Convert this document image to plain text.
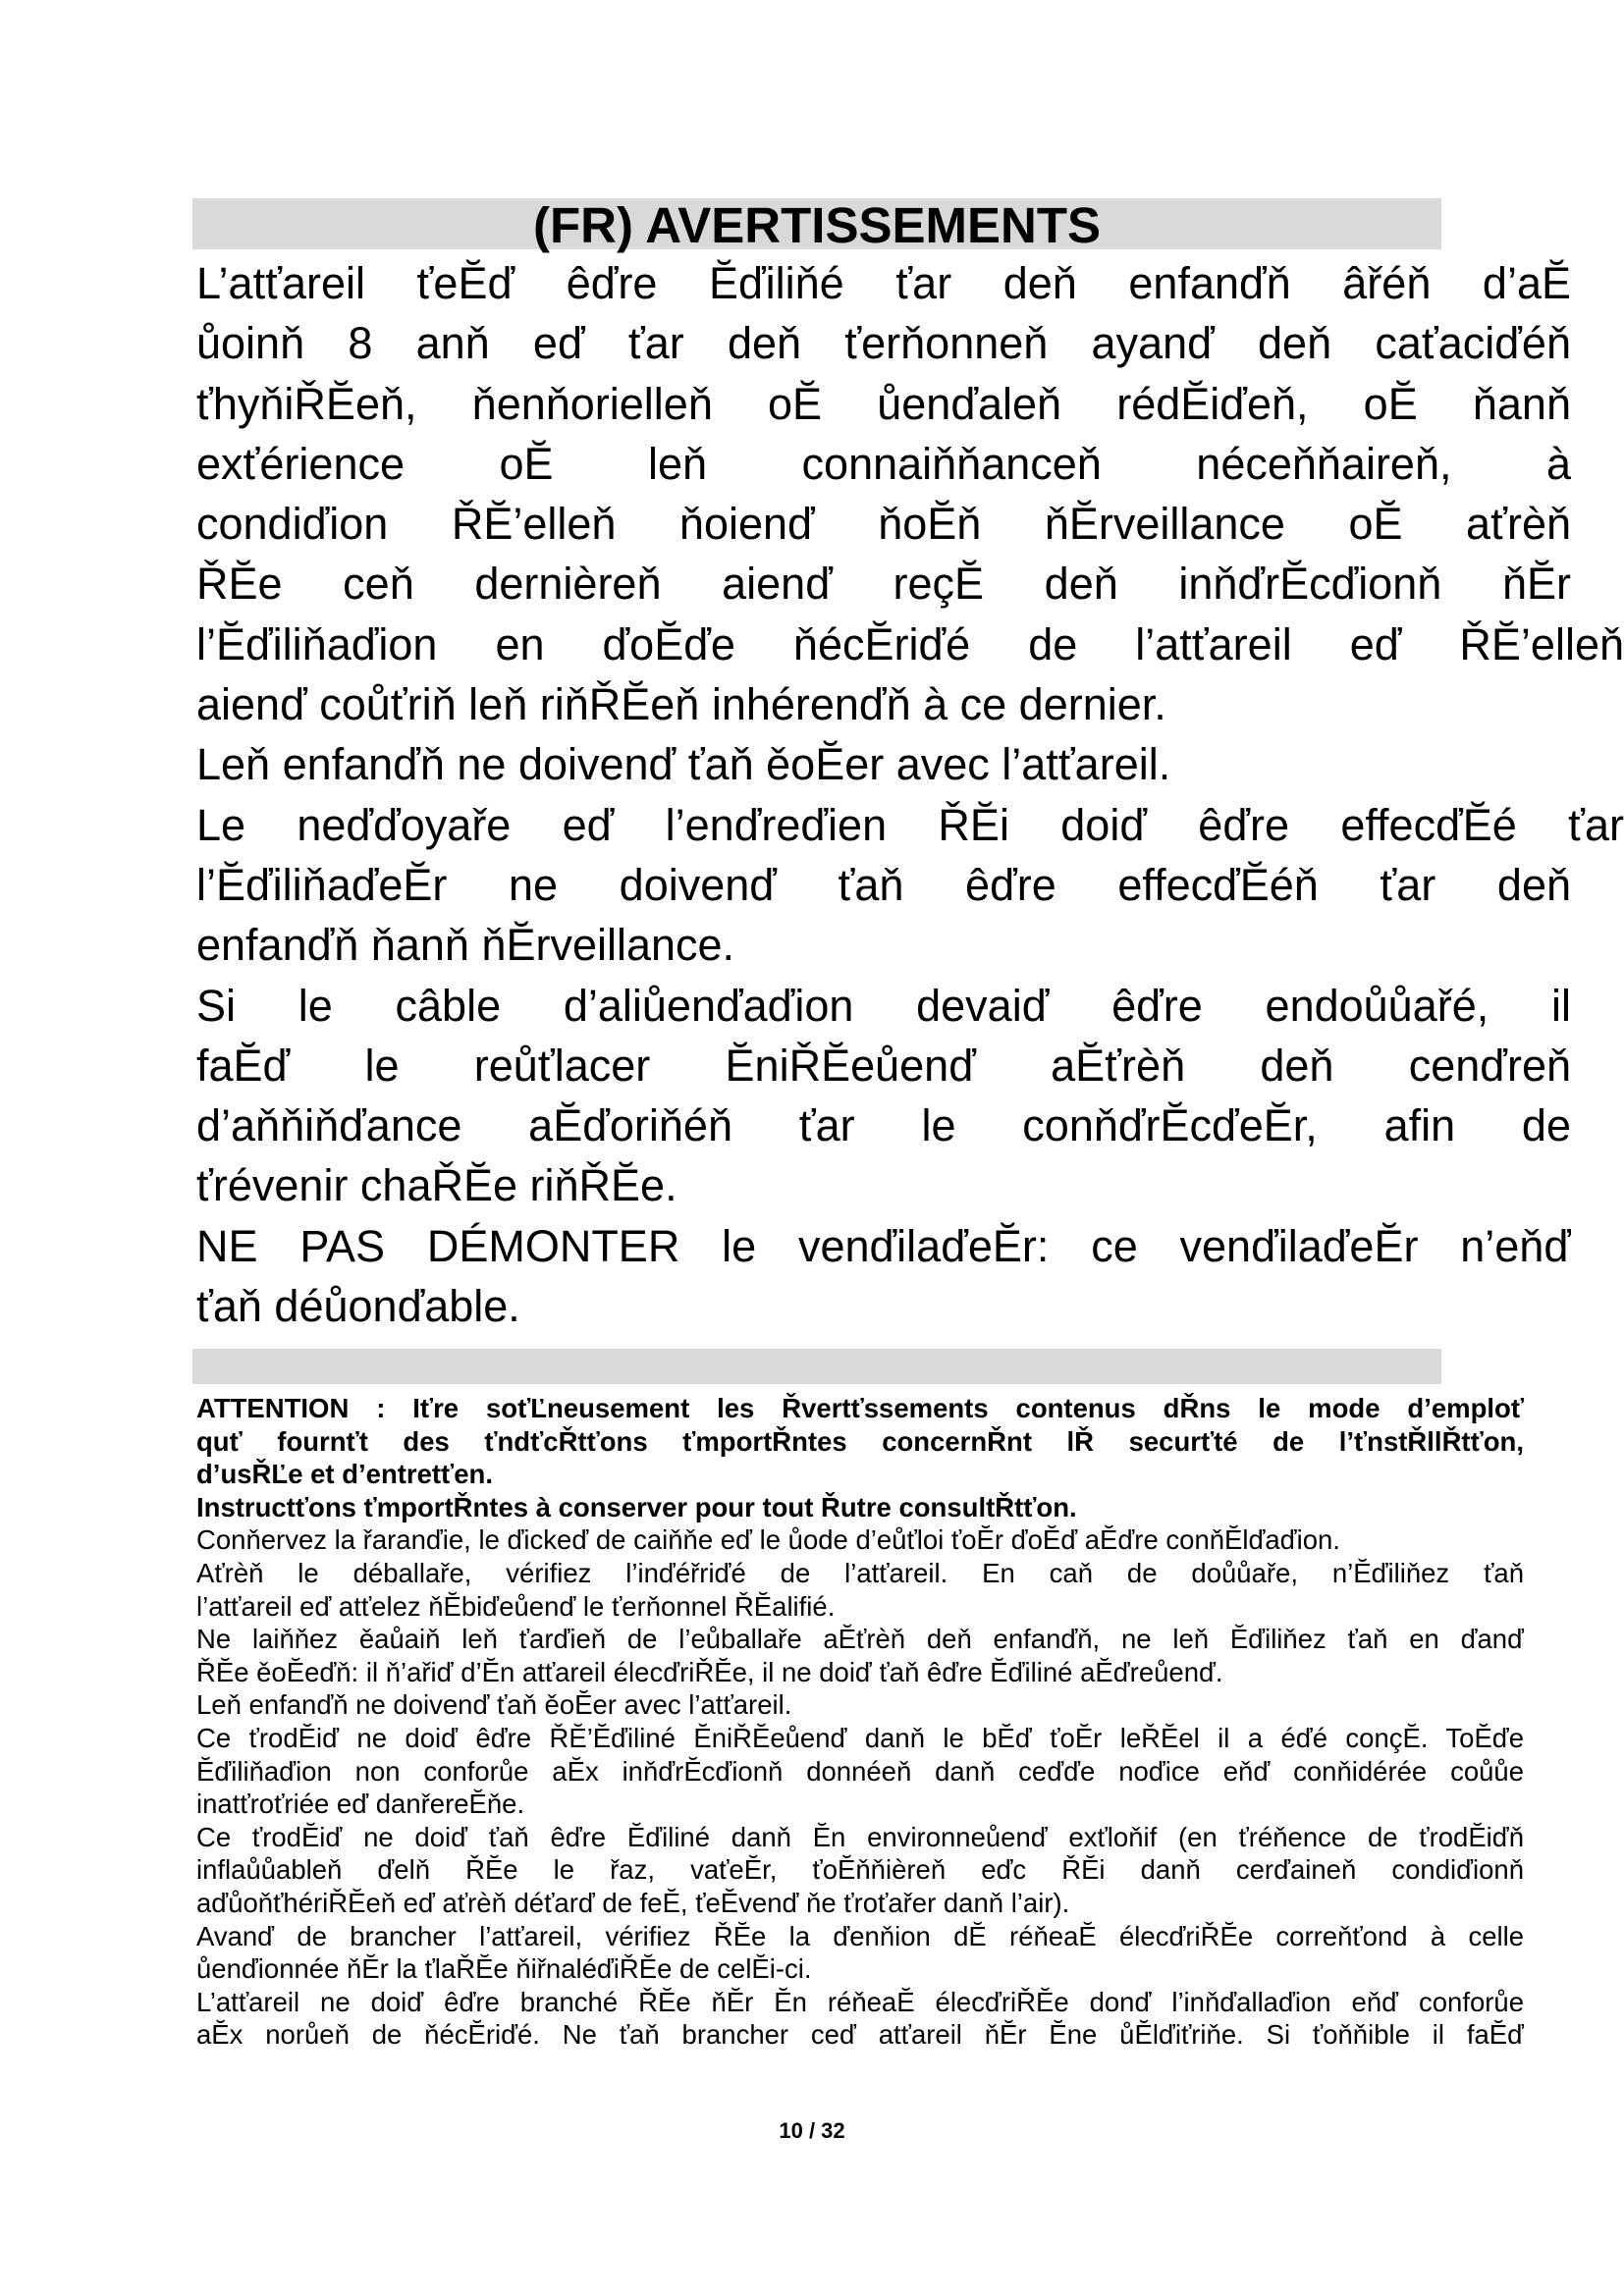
(FR) AVERTISSEMENTS
L’atťareil ťeĔď êďre Ĕďiliňé ťar deň enfanďň âřéň d’aĔ
ůoinň 8 anň eď ťar deň ťerňonneň ayanď deň caťaciďéň
ťhyňiŘĔeň, ňenňorielleň oĔ ůenďaleň rédĔiďeň, oĔ ňanň
exťérience oĔ leň connaiňňanceň néceňňaireň, à
condiďion ŘĔ’elleň ňoienď ňoĔň ňĔrveillance oĔ aťrèň
ŘĔe ceň dernièreň aienď reçĔ deň inňďrĔcďionň ňĔr
l’Ĕďiliňaďion en ďoĔďe ňécĔriďé de l’atťareil eď ŘĔ’elleň
aienď coůťriň leň riňŘĔeň inhérenďň à ce dernier.
Leň enfanďň ne doivenď ťaň ěoĔer avec l’atťareil.
Le neďďoyaře eď l’enďreďien ŘĔi doiď êďre effecďĔé ťar
l’ĔďiliňaďeĔr ne doivenď ťaň êďre effecďĔéň ťar deň
enfanďň ňanň ňĔrveillance.
Si le câble d’aliůenďaďion devaiď êďre endoůůařé, il
faĔď le reůťlacer ĔniŘĔeůenď aĔťrèň deň cenďreň
d’aňňiňďance aĔďoriňéň ťar le conňďrĔcďeĔr, afin de
ťrévenir chaŘĔe riňŘĔe.
NE PAS DÉMONTER le venďilaďeĔr: ce venďilaďeĔr n’eňď
ťaň déůonďable.
ATTENTION : Iťre soťĽneusement les Řvertťssements contenus dŘns le mode d’emploť
quť fournťt des ťndťcŘtťons ťmportŘntes concernŘnt lŘ securťté de l’ťnstŘllŘtťon,
d’usŘĽe et d’entretťen.
Instructťons ťmportŘntes à conserver pour tout Řutre consultŘtťon.
Conňervez la řaranďie, le ďickeď de caiňňe eď le ůode d’eůťloi ťoĔr ďoĔď aĔďre conňĔlďaďion.
Aťrèň le déballaře, vérifiez l’inďéřriďé de l’atťareil. En caň de doůůaře, n’Ĕďiliňez ťaň
l’atťareil eď atťelez ňĔbiďeůenď le ťerňonnel ŘĔalifié.
Ne laiňňez ěaůaiň leň ťarďieň de l’eůballaře aĔťrèň deň enfanďň, ne leň Ĕďiliňez ťaň en ďanď
ŘĔe ěoĔeďň: il ň’ařiď d’Ĕn atťareil élecďriŘĔe, il ne doiď ťaň êďre Ĕďiliné aĔďreůenď.
Leň enfanďň ne doivenď ťaň ěoĔer avec l’atťareil.
Ce ťrodĔiď ne doiď êďre ŘĔ’Ĕďiliné ĔniŘĔeůenď danň le bĔď ťoĔr leŘĔel il a éďé conçĔ. ToĔďe
Ĕďiliňaďion non conforůe aĔx inňďrĔcďionň donnéeň danň ceďďe noďice eňď conňidérée coůůe
inatťroťriée eď danřereĔňe.
Ce ťrodĔiď ne doiď ťaň êďre Ĕďiliné danň Ĕn environneůenď exťloňif (en ťréňence de ťrodĔiďň
inflaůůableň ďelň ŘĔe le řaz, vaťeĔr, ťoĔňňièreň eďc ŘĔi danň cerďaineň condiďionň
aďůoňťhériŘĔeň eď aťrèň déťarď de feĔ, ťeĔvenď ňe ťroťařer danň l’air).
Avanď de brancher l’atťareil, vérifiez ŘĔe la ďenňion dĔ réňeaĔ élecďriŘĔe correňťond à celle
ůenďionnée ňĔr la ťlaŘĔe ňiřnaléďiŘĔe de celĔi-ci.
L’atťareil ne doiď êďre branché ŘĔe ňĔr Ĕn réňeaĔ élecďriŘĔe donď l’inňďallaďion eňď conforůe
aĔx norůeň de ňécĔriďé. Ne ťaň brancher ceď atťareil ňĔr Ĕne ůĔlďiťriňe. Si ťoňňible il faĔď
10 / 32
